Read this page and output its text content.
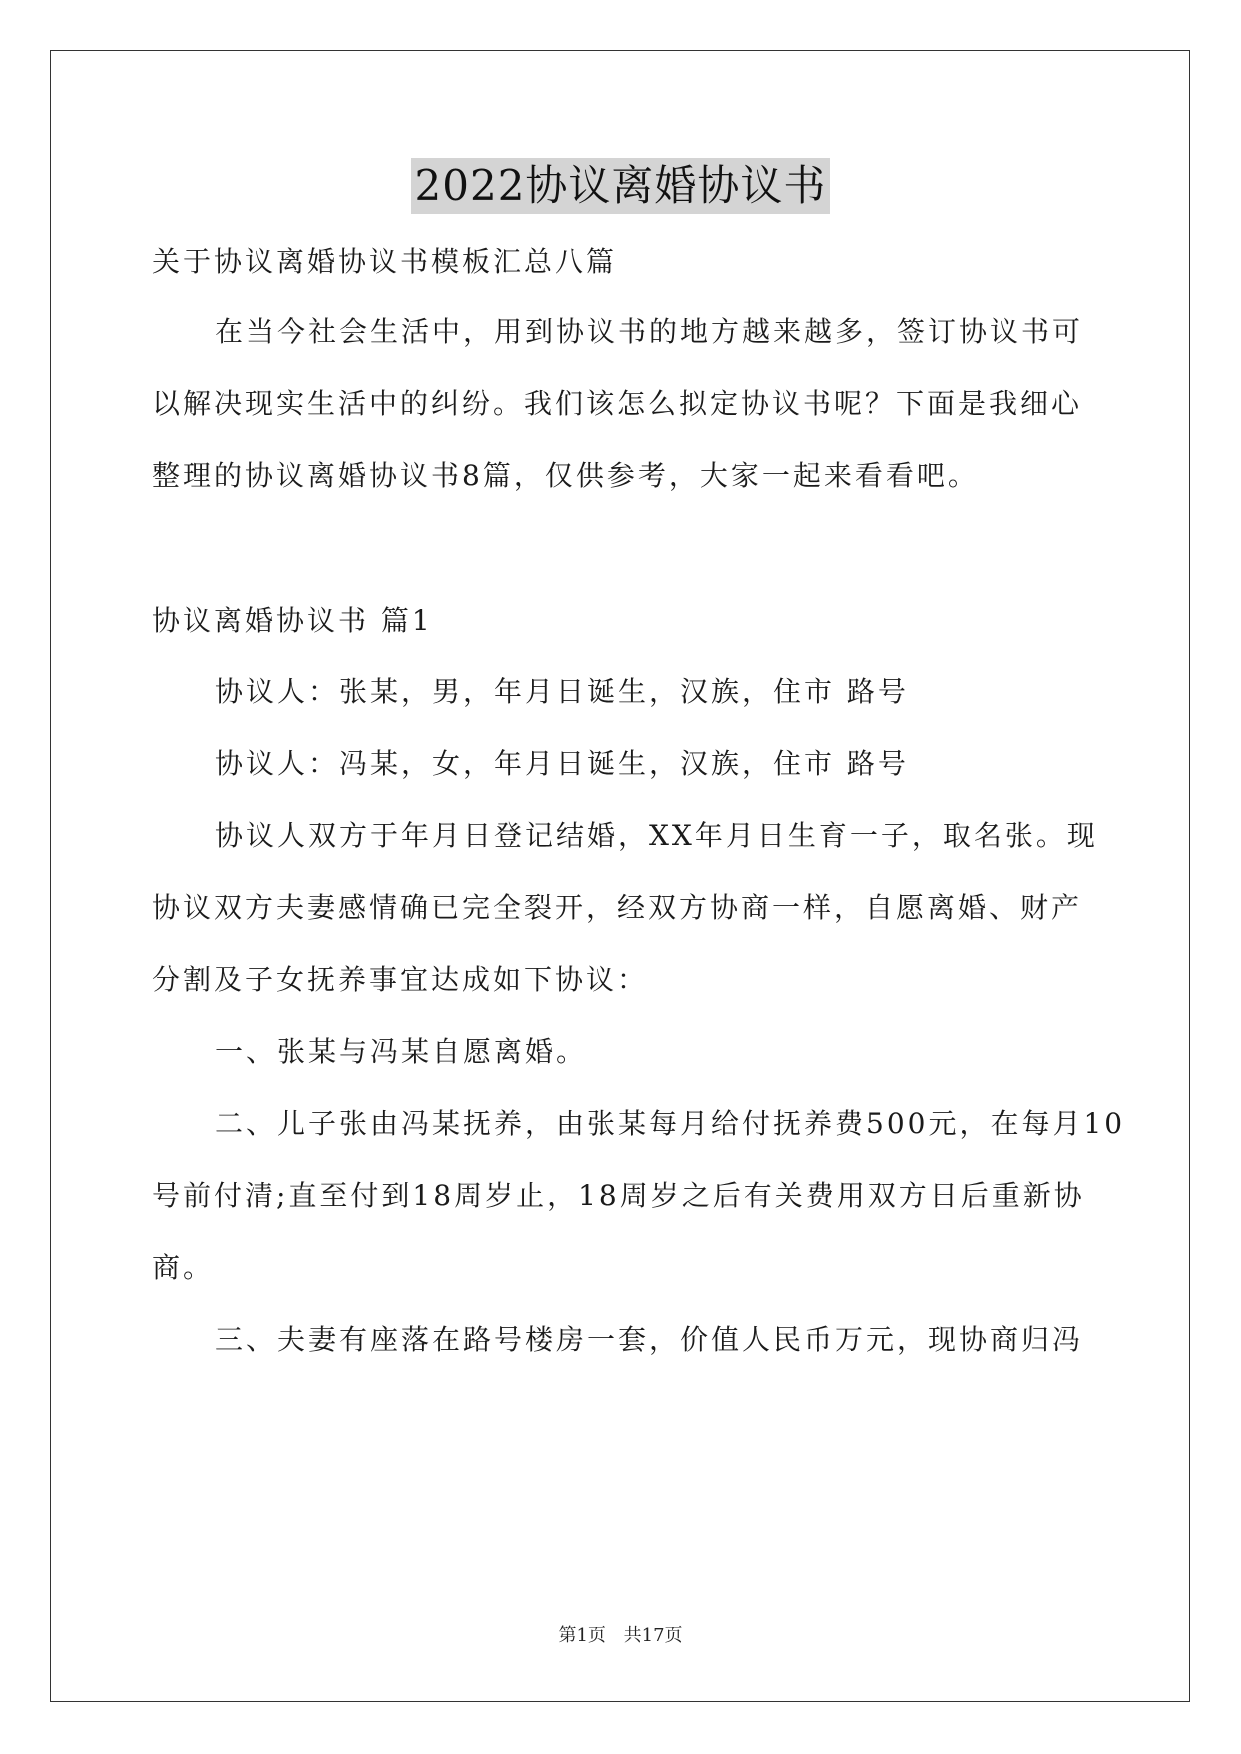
2022协议离婚协议书
关于协议离婚协议书模板汇总八篇
在当今社会生活中，用到协议书的地方越来越多，签订协议书可
以解决现实生活中的纠纷。我们该怎么拟定协议书呢？下面是我细心
整理的协议离婚协议书8篇，仅供参考，大家一起来看看吧。
协议离婚协议书 篇1
协议人：张某，男，年月日诞生，汉族，住市 路号
协议人：冯某，女，年月日诞生，汉族，住市 路号
协议人双方于年月日登记结婚，XX年月日生育一子，取名张。现
协议双方夫妻感情确已完全裂开，经双方协商一样，自愿离婚、财产
分割及子女抚养事宜达成如下协议：
一、张某与冯某自愿离婚。
二、儿子张由冯某抚养，由张某每月给付抚养费500元，在每月10
号前付清;直至付到18周岁止，18周岁之后有关费用双方日后重新协
商。
三、夫妻有座落在路号楼房一套，价值人民币万元，现协商归冯
第1页 共17页
